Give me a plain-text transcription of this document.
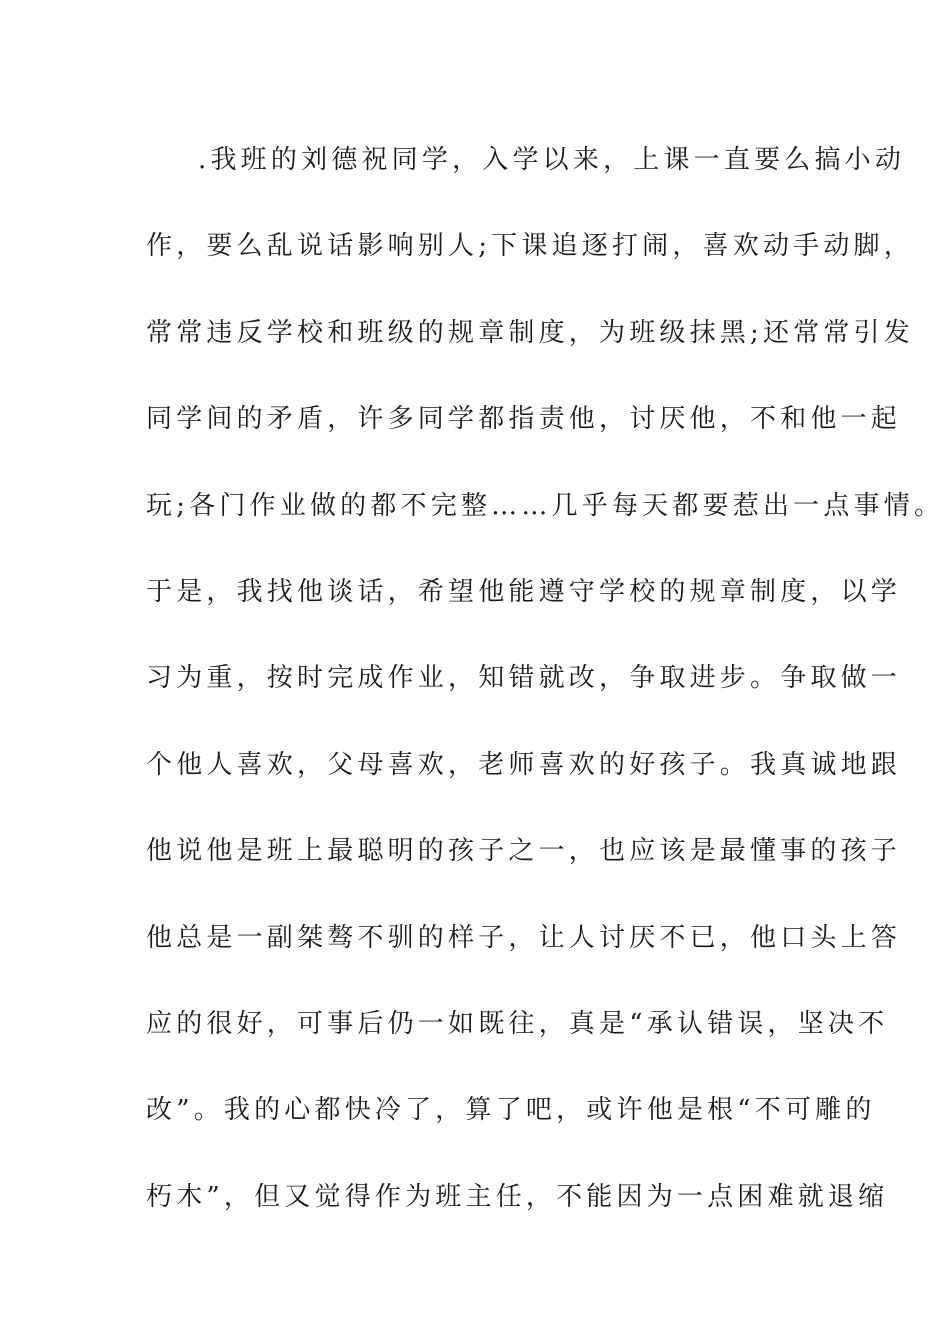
.我班的刘德祝同学，入学以来，上课一直要么搞小动
作，要么乱说话影响别人;下课追逐打闹，喜欢动手动脚，
常常违反学校和班级的规章制度，为班级抹黑;还常常引发
同学间的矛盾，许多同学都指责他，讨厌他，不和他一起
玩;各门作业做的都不完整……几乎每天都要惹出一点事情。
于是，我找他谈话，希望他能遵守学校的规章制度，以学
习为重，按时完成作业，知错就改，争取进步。争取做一
个他人喜欢，父母喜欢，老师喜欢的好孩子。我真诚地跟
他说他是班上最聪明的孩子之一，也应该是最懂事的孩子
他总是一副桀骜不驯的样子，让人讨厌不已，他口头上答
应的很好，可事后仍一如既往，真是“承认错误，坚决不
改”。我的心都快冷了，算了吧，或许他是根“不可雕的
朽木”，但又觉得作为班主任，不能因为一点困难就退缩
